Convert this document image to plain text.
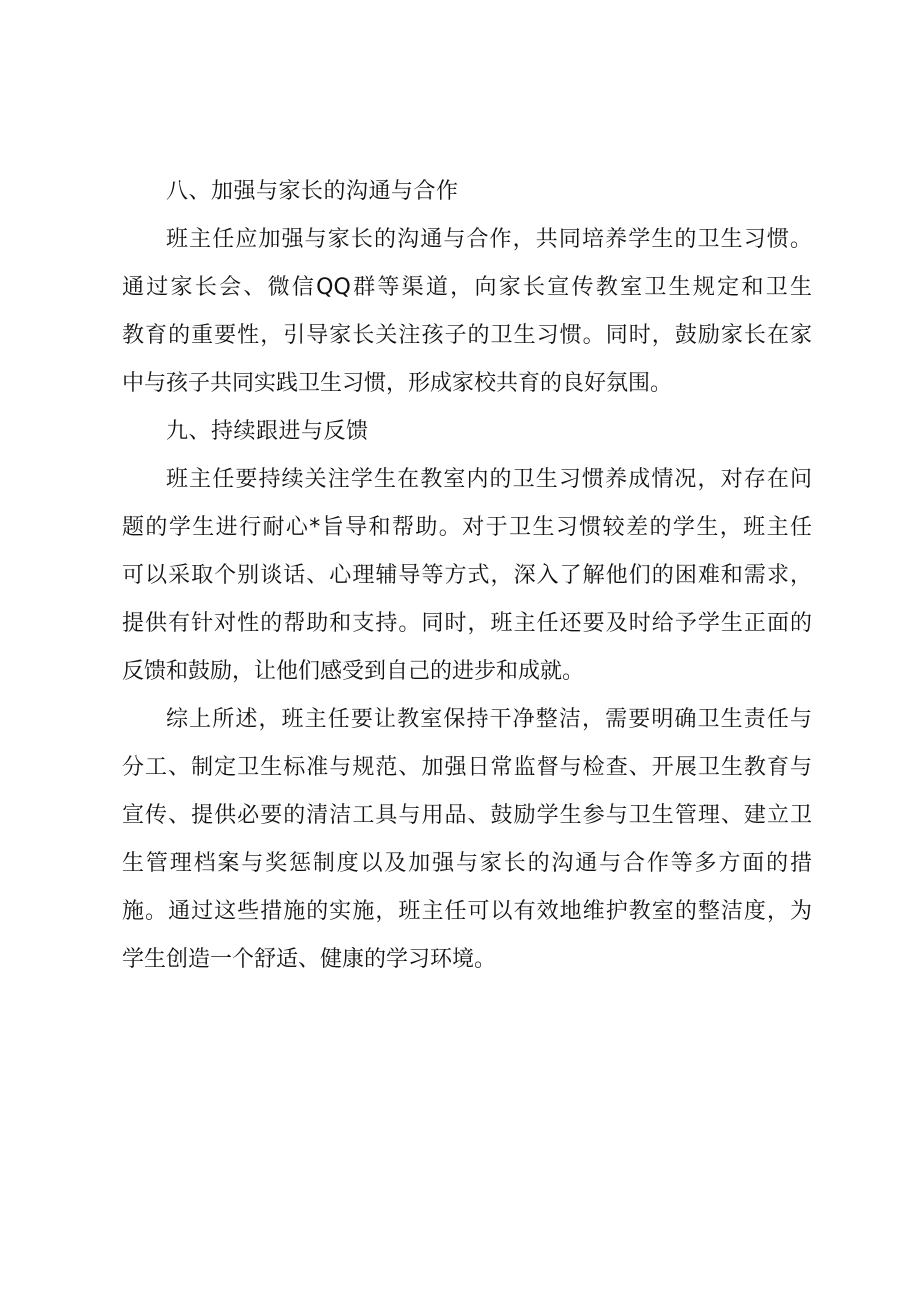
八、加强与家长的沟通与合作

班主任应加强与家长的沟通与合作，共同培养学生的卫生习惯。
通过家长会、微信QQ群等渠道，向家长宣传教室卫生规定和卫生
教育的重要性，引导家长关注孩子的卫生习惯。同时，鼓励家长在家
中与孩子共同实践卫生习惯，形成家校共育的良好氛围。

九、持续跟进与反馈

班主任要持续关注学生在教室内的卫生习惯养成情况，对存在问
题的学生进行耐心*旨导和帮助。对于卫生习惯较差的学生，班主任
可以采取个别谈话、心理辅导等方式，深入了解他们的困难和需求，
提供有针对性的帮助和支持。同时，班主任还要及时给予学生正面的
反馈和鼓励，让他们感受到自己的进步和成就。

综上所述，班主任要让教室保持干净整洁，需要明确卫生责任与
分工、制定卫生标准与规范、加强日常监督与检查、开展卫生教育与
宣传、提供必要的清洁工具与用品、鼓励学生参与卫生管理、建立卫
生管理档案与奖惩制度以及加强与家长的沟通与合作等多方面的措
施。通过这些措施的实施，班主任可以有效地维护教室的整洁度，为
学生创造一个舒适、健康的学习环境。
